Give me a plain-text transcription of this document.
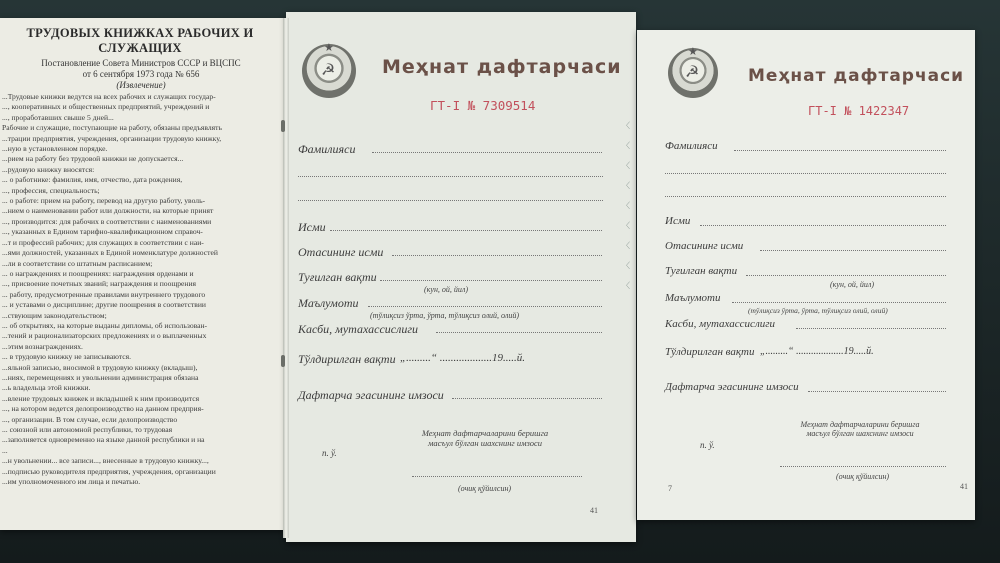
ТРУДОВЫХ КНИЖКАХ РАБОЧИХ И СЛУЖАЩИХ
Постановление Совета Министров СССР и ВЦСПС
от 6 сентября 1973 года № 656
(Извлечение)
...Трудовые книжки ведутся на всех рабочих и служащих государ-
..., кооперативных и общественных предприятий, учреждений и
..., проработавших свыше 5 дней...
Рабочие и служащие, поступающие на работу, обязаны предъявлять
...трации предприятия, учреждения, организации трудовую книжку,
...ную в установленном порядке.
...рием на работу без трудовой книжки не допускается...
...рудовую книжку вносятся:
... о работнике: фамилия, имя, отчество, дата рождения,
..., профессия, специальность;
... о работе: прием на работу, перевод на другую работу, уволь-
...нием о наименовании работ или должности, на которые принят
..., производится: для рабочих в соответствии с наименованиями
..., указанных в Едином тарифно-квалификационном справоч-
...т и профессий рабочих; для служащих в соответствии с наи-
...ями должностей, указанных в Единой номенклатуре должностей
...ли в соответствии со штатным расписанием;
... о награждениях и поощрениях: награждения орденами и
..., присвоение почетных званий; награждения и поощрения
... работу, предусмотренные правилами внутреннего трудового
... и уставами о дисциплине; другие поощрения в соответствии
...ствующим законодательством;
... об открытиях, на которые выданы дипломы, об использован-
...тений и рационализаторских предложениях и о выплаченных
...этим вознаграждениях.
... в трудовую книжку не записываются.
...яльной записью, вносимой в трудовую книжку (вкладыш),
...ниях, перемещениях и увольнении администрация обязана
...ь владельца этой книжки.
...вление трудовых книжек и вкладышей к ним производится
..., на котором ведется делопроизводство на данном предприя-
..., организации. В том случае, если делопроизводство
... союзной или автономной республики, то трудовая
...заполняется одновременно на языке данной республики и на
...
...н увольнении... все записи..., внесенные в трудовую книжку...,
...подписью руководителя предприятия, учреждения, организации
...им уполномоченного им лица и печатью.
★
☭ Меҳнат дафтарчаси
ГТ-I № 7309514
Фамилияси
Исми
Отасининг исми
Туғилган вақти
(кун, ой, йил)
Маълумоти
(тўлиқсиз ўрта, ўрта, тўлиқсиз олий, олий)
Касби, мутахассислиги
Тўлдирилган вақти „.........“ ...................19.....й.
Дафтарча эгасининг имзоси
Меҳнат дафтарчаларини беришга масъул бўлган шахснинг имзоси
п. ў.
(очиқ қўйилсин)
41
〈

〈

〈

〈

〈

〈

〈

〈

〈
★
☭	Меҳнат дафтарчаси
ГТ-I № 1422347
Фамилияси
Исми
Отасининг исми
Туғилган вақти
(кун, ой, йил)
Маълумоти
(тўлиқсиз ўрта, ўрта, тўлиқсиз олий, олий)
Касби, мутахассислиги
Тўлдирилган вақти „.........“ ...................19.....й.
Дафтарча эгасининг имзоси
Меҳнат дафтарчаларини беришга масъул бўлган шахснинг имзоси
п. ў.
(очиқ қўйилсин)
7	41
